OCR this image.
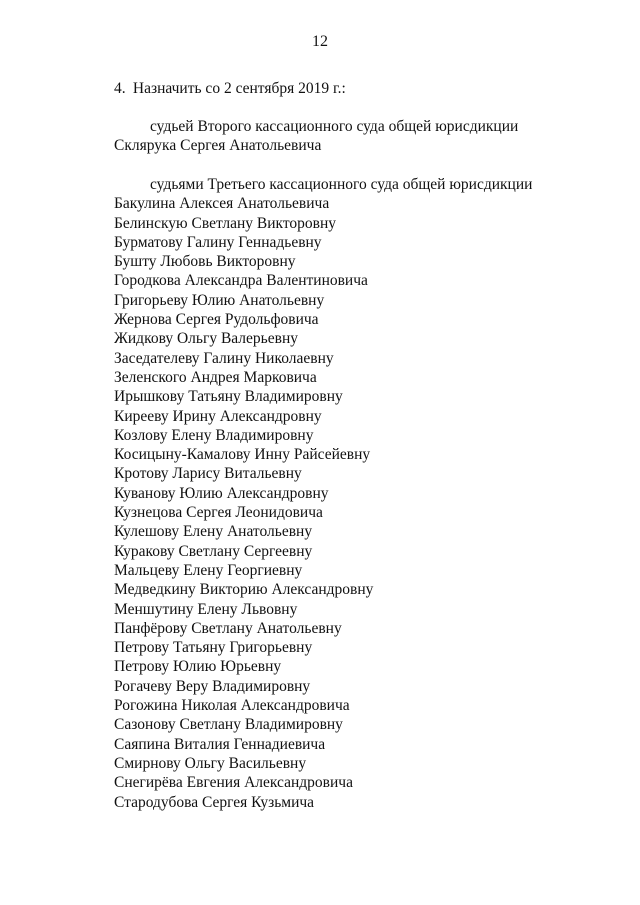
12
4. Назначить со 2 сентября 2019 г.:
судьей Второго кассационного суда общей юрисдикции
Склярука Сергея Анатольевича
судьями Третьего кассационного суда общей юрисдикции
Бакулина Алексея Анатольевича
Белинскую Светлану Викторовну
Бурматову Галину Геннадьевну
Бушту Любовь Викторовну
Городкова Александра Валентиновича
Григорьеву Юлию Анатольевну
Жернова Сергея Рудольфовича
Жидкову Ольгу Валерьевну
Заседателеву Галину Николаевну
Зеленского Андрея Марковича
Ирышкову Татьяну Владимировну
Кирееву Ирину Александровну
Козлову Елену Владимировну
Косицыну-Камалову Инну Райсейевну
Кротову Ларису Витальевну
Куванову Юлию Александровну
Кузнецова Сергея Леонидовича
Кулешову Елену Анатольевну
Куракову Светлану Сергеевну
Мальцеву Елену Георгиевну
Медведкину Викторию Александровну
Меншутину Елену Львовну
Панфёрову Светлану Анатольевну
Петрову Татьяну Григорьевну
Петрову Юлию Юрьевну
Рогачеву Веру Владимировну
Рогожина Николая Александровича
Сазонову Светлану Владимировну
Саяпина Виталия Геннадиевича
Смирнову Ольгу Васильевну
Снегирёва Евгения Александровича
Стародубова Сергея Кузьмича
